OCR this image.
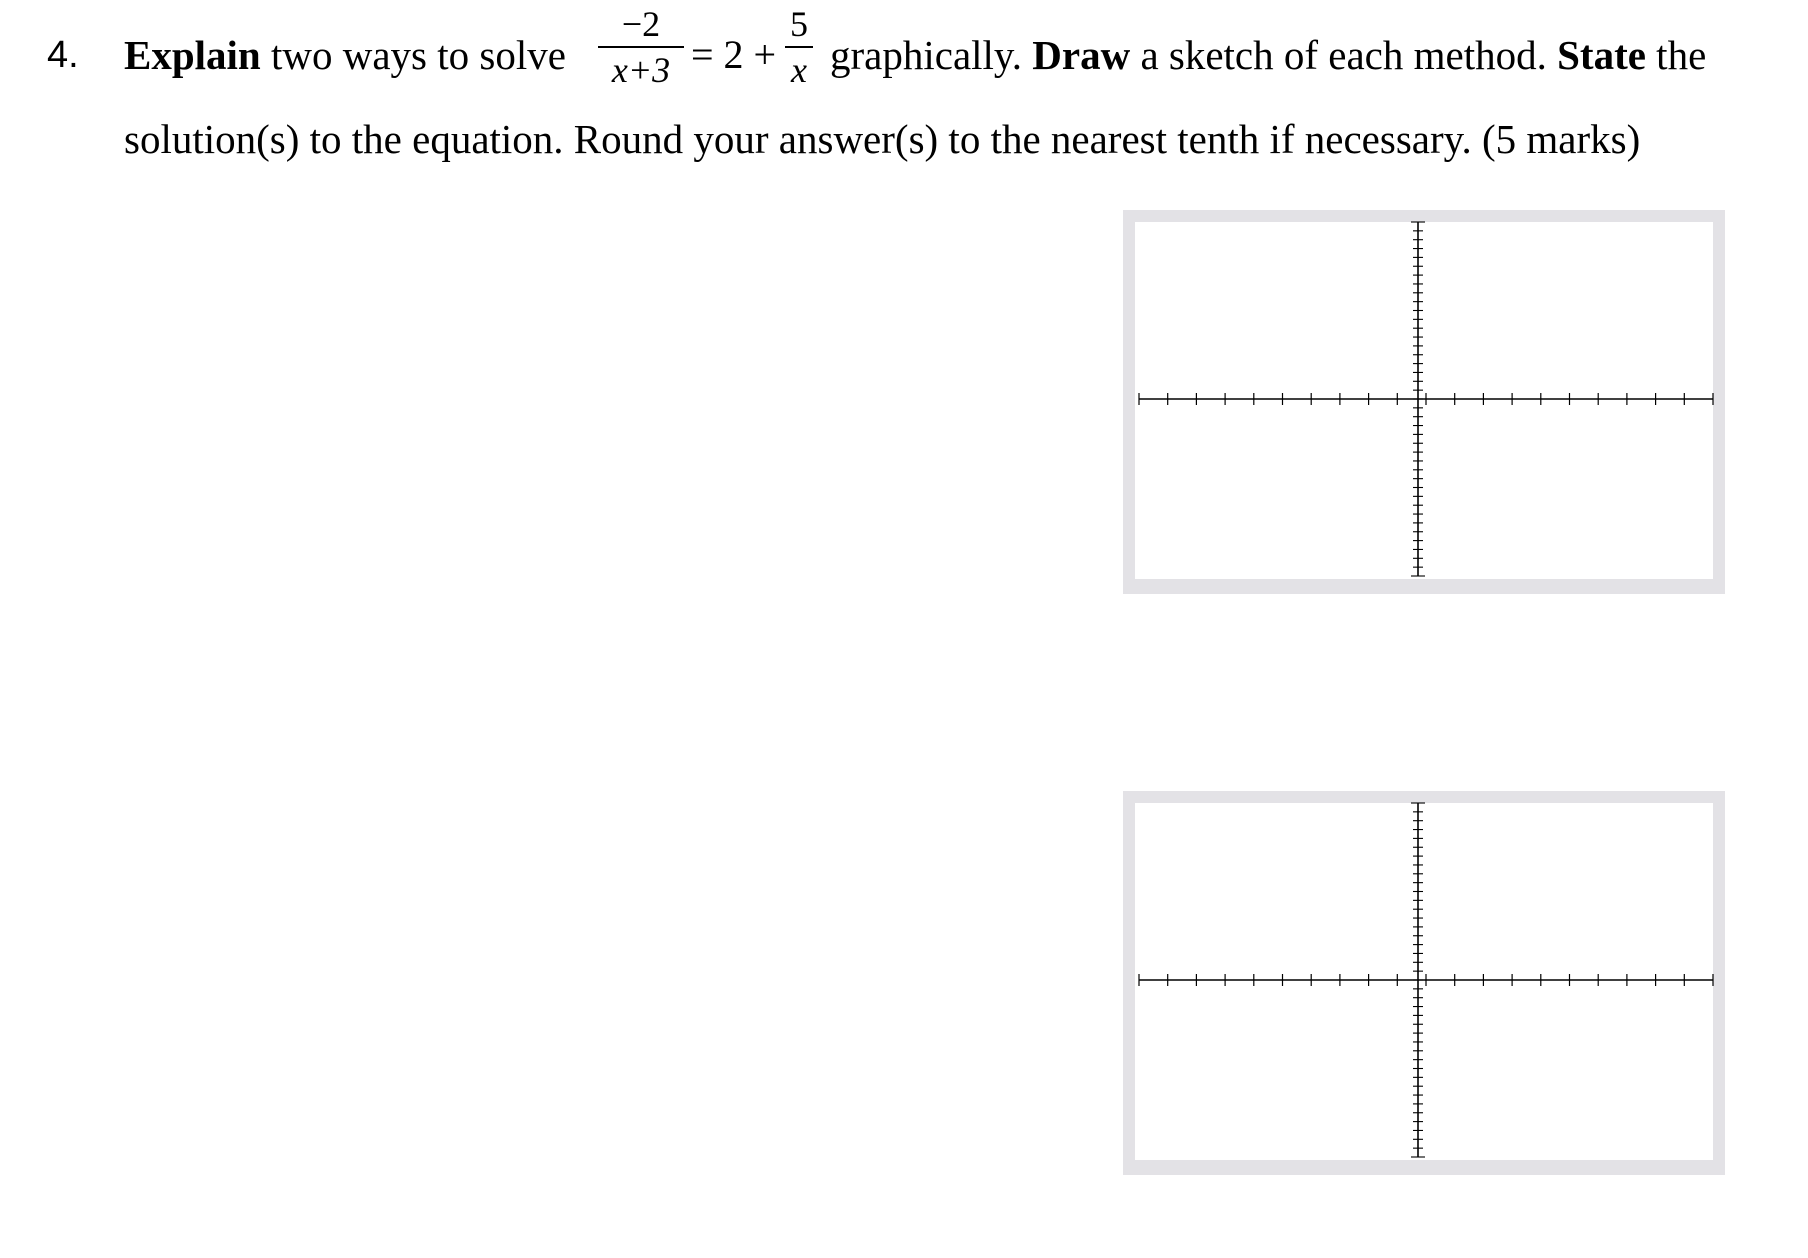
4. Explain two ways to solve
−2
x+3 = 2 +
5
x graphically. Draw a sketch of each method. State the
solution(s) to the equation. Round your answer(s) to the nearest tenth if necessary. (5 marks)
